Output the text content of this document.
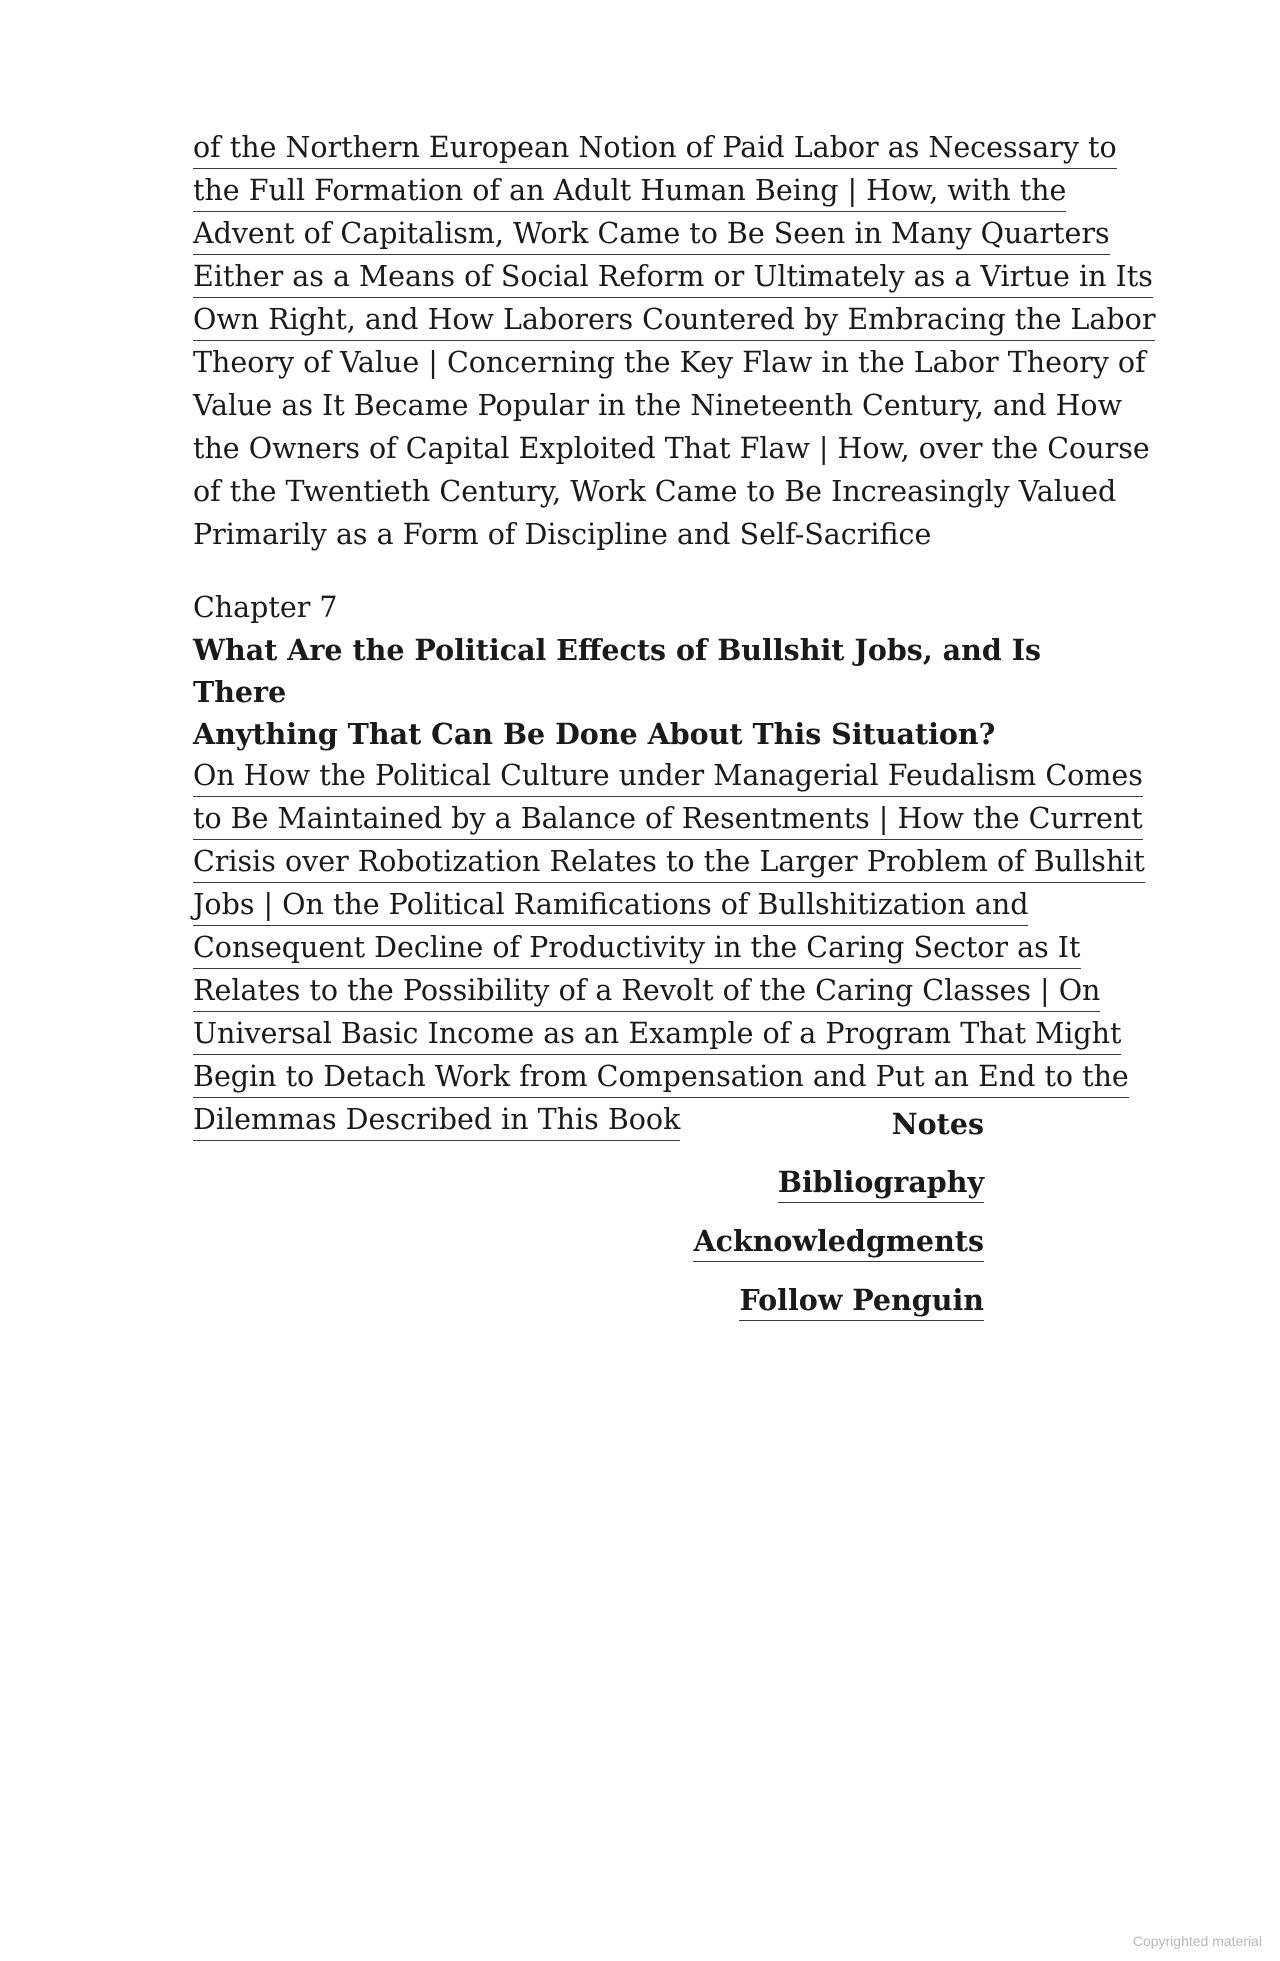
of the Northern European Notion of Paid Labor as Necessary to
the Full Formation of an Adult Human Being | How, with the
Advent of Capitalism, Work Came to Be Seen in Many Quarters
Either as a Means of Social Reform or Ultimately as a Virtue in Its
Own Right, and How Laborers Countered by Embracing the Labor
Theory of Value | Concerning the Key Flaw in the Labor Theory of
Value as It Became Popular in the Nineteenth Century, and How
the Owners of Capital Exploited That Flaw | How, over the Course
of the Twentieth Century, Work Came to Be Increasingly Valued
Primarily as a Form of Discipline and Self-Sacrifice
Chapter 7
What Are the Political Effects of Bullshit Jobs, and Is There
Anything That Can Be Done About This Situation?
On How the Political Culture under Managerial Feudalism Comes
to Be Maintained by a Balance of Resentments | How the Current
Crisis over Robotization Relates to the Larger Problem of Bullshit
Jobs | On the Political Ramifications of Bullshitization and
Consequent Decline of Productivity in the Caring Sector as It
Relates to the Possibility of a Revolt of the Caring Classes | On
Universal Basic Income as an Example of a Program That Might
Begin to Detach Work from Compensation and Put an End to the
Dilemmas Described in This Book	Notes
Bibliography
Acknowledgments
Follow Penguin
Copyrighted material
